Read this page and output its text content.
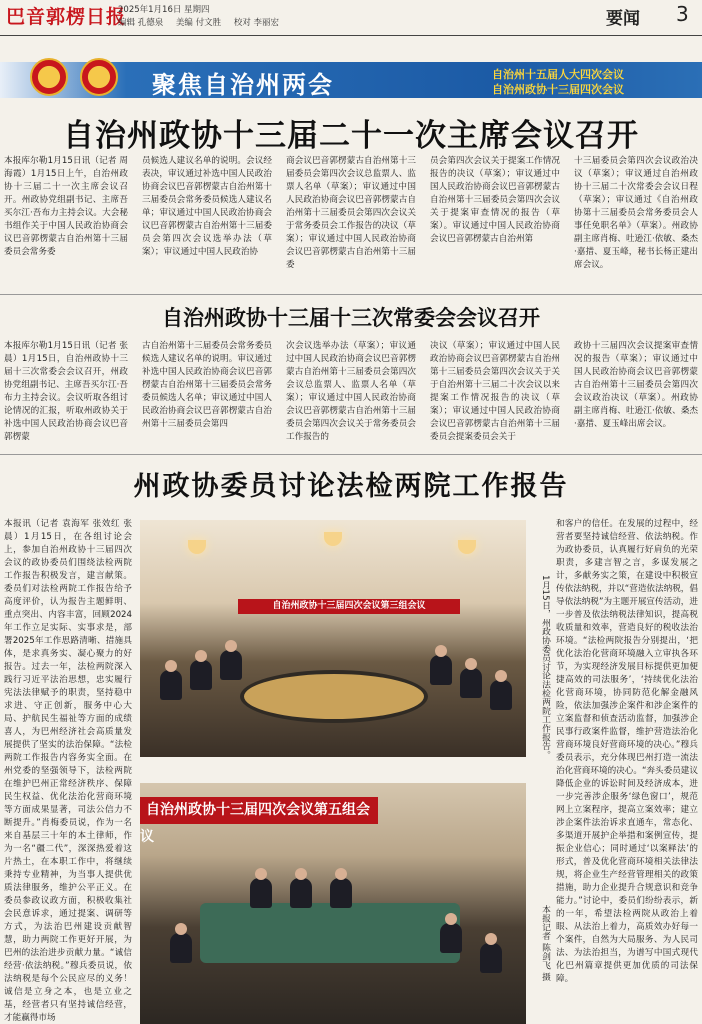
巴音郭楞日报
2025年1月16日 星期四
编辑 孔德泉 美编 付文胜 校对 李丽宏	要闻 3
聚焦自治州两会	自治州十五届人大四次会议
自治州政协十三届四次会议
自治州政协十三届二十一次主席会议召开
本报库尔勒1月15日讯（记者 周海霞）1月15日上午，自治州政协十三届二十一次主席会议召开。州政协党组副书记、主席吾买尔江·吾布力主持会议。大会秘书组作关于中国人民政治协商会议巴音郭楞蒙古自治州第十三届委员会常务委
员候选人建议名单的说明。会议经表决，审议通过补选中国人民政治协商会议巴音郭楞蒙古自治州第十三届委员会常务委员候选人建议名单；审议通过中国人民政治协商会议巴音郭楞蒙古自治州第十三届委员会第四次会议选举办法（草案）；审议通过中国人民政治协
商会议巴音郭楞蒙古自治州第十三届委员会第四次会议总监票人、监票人名单（草案）；审议通过中国人民政治协商会议巴音郭楞蒙古自治州第十三届委员会第四次会议关于常务委员会工作报告的决议（草案）；审议通过中国人民政治协商会议巴音郭楞蒙古自治州第十三届委
员会第四次会议关于提案工作情况报告的决议（草案）；审议通过中国人民政治协商会议巴音郭楞蒙古自治州第十三届委员会第四次会议关于提案审查情况的报告（草案）。审议通过中国人民政治协商会议巴音郭楞蒙古自治州第
十三届委员会第四次会议政治决议（草案）；审议通过自治州政协十三届二十次常委会会议日程（草案）；审议通过《自治州政协第十三届委员会常务委员会人事任免职名单》（草案）。州政协副主席肖梅、吐逊江·依敏、桑杰·嘉措、夏玉峰，秘书长杨正建出席会议。
自治州政协十三届十三次常委会会议召开
本报库尔勒1月15日讯（记者 张晨）1月15日，自治州政协十三届十三次常委会会议召开，州政协党组副书记、主席吾买尔江·吾布力主持会议。会议听取各组讨论情况的汇报，听取州政协关于补选中国人民政治协商会议巴音郭楞蒙
古自治州第十三届委员会常务委员候选人建议名单的说明。审议通过补选中国人民政治协商会议巴音郭楞蒙古自治州第十三届委员会常务委员候选人名单；审议通过中国人民政治协商会议巴音郭楞蒙古自治州第十三届委员会第四
次会议选举办法（草案）；审议通过中国人民政治协商会议巴音郭楞蒙古自治州第十三届委员会第四次会议总监票人、监票人名单（草案）；审议通过中国人民政治协商会议巴音郭楞蒙古自治州第十三届委员会第四次会议关于常务委员会工作报告的
决议（草案）；审议通过中国人民政治协商会议巴音郭楞蒙古自治州第十三届委员会第四次会议关于关于自治州第十三届二十次会议以来提案工作情况报告的决议（草案）；审议通过中国人民政治协商会议巴音郭楞蒙古自治州第十三届委员会提案委员会关于
政协十三届四次会议提案审查情况的报告（草案）；审议通过中国人民政治协商会议巴音郭楞蒙古自治州第十三届委员会第四次会议政治决议（草案）。州政协副主席肖梅、吐逊江·依敏、桑杰·嘉措、夏玉峰出席会议。
州政协委员讨论法检两院工作报告
本报讯（记者 袁海军 张效红 张晨）1月15日，在各组讨论会上，参加自治州政协十三届四次会议的政协委员们围绕法检两院工作报告积极发言，建言献策。委员们对法检两院工作报告给予高度评价，认为报告主题鲜明、重点突出、内容丰富，回顾2024年工作立足实际、实事求是，部署2025年工作思路清晰、措施具体，是求真务实、凝心聚力的好报告。过去一年，法检两院深入践行习近平法治思想，忠实履行宪法法律赋予的职责，坚持稳中求进、守正创新，服务中心大局、护航民生福祉等方面的成绩喜人，为巴州经济社会高质量发展提供了坚实的法治保障。“法检两院工作报告内容务实全面。在州党委的坚强领导下，法检两院在维护巴州正常经济秩序、保障民生权益、优化法治化营商环境等方面成果显著，司法公信力不断提升。”肖梅委员说，作为一名来自基层三十年的本土律师，作为一名“疆二代”，深深热爱着这片热土，在本职工作中，将继续秉持专业精神，为当事人提供优质法律服务，维护公平正义。在委员参政议政方面，积极收集社会民意诉求，通过提案、调研等方式，为法治巴州建设贡献智慧，助力两院工作更好开展，为巴州的法治进步贡献力量。“诚信经营·依法纳税。”穆兵委员说，依法纳税是每个公民应尽的义务！诚信是立身之本，也是立业之基，经营者只有坚持诚信经营，才能赢得市场
自治州政协十三届四次会议第三组会议
自治州政协十三届四次会议第五组会议
1月15日，州政协委员讨论法检两院工作报告。
本报记者 陈剑飞 摄
和客户的信任。在发展的过程中，经营者要坚持诚信经营、依法纳税。作为政协委员，认真履行好肩负的光荣职责，多建言智之言，多谋发展之计，多献务实之策，在建设中积极宣传依法纳税，并以“营造依法纳税，倡导依法纳税”为主题开展宣传活动，进一步普及依法纳税法律知识，提高税收质量和效率，营造良好的税收法治环境。“法检两院报告分别提出，‘把优化法治化营商环境融入立审执各环节，为实现经济发展目标提供更加便捷高效的司法服务’，‘持续优化法治化营商环境，协同防范化解金融风险，依法加强涉企案件和涉企案件的立案监督和侦查活动监督，加强涉企民事行政案件监督，维护营造法治化营商环境良好营商环境的决心。”穆兵委员表示，充分体现巴州打造一流法治化营商环境的决心。“奔头委员建议降低企业的诉讼时间及经济成本，进一步完善涉企服务‘绿色窗口’，规范网上立案程序，提高立案效率；建立涉企案件法治诉求直通车，常态化、多渠道开展护企举措和案例宣传，提振企业信心；同时通过‘以案释法’的形式，普及优化营商环境相关法律法规，将企业生产经营管理相关的政策措施，助力企业提升合规意识和竞争能力。”讨论中，委员们纷纷表示，新的一年，希望法检两院从政治上着眼、从法治上着力，高质效办好每一个案件，自然为大局服务、为人民司法、为法治担当，为谱写中国式现代化巴州篇章提供更加优质的司法保障。
